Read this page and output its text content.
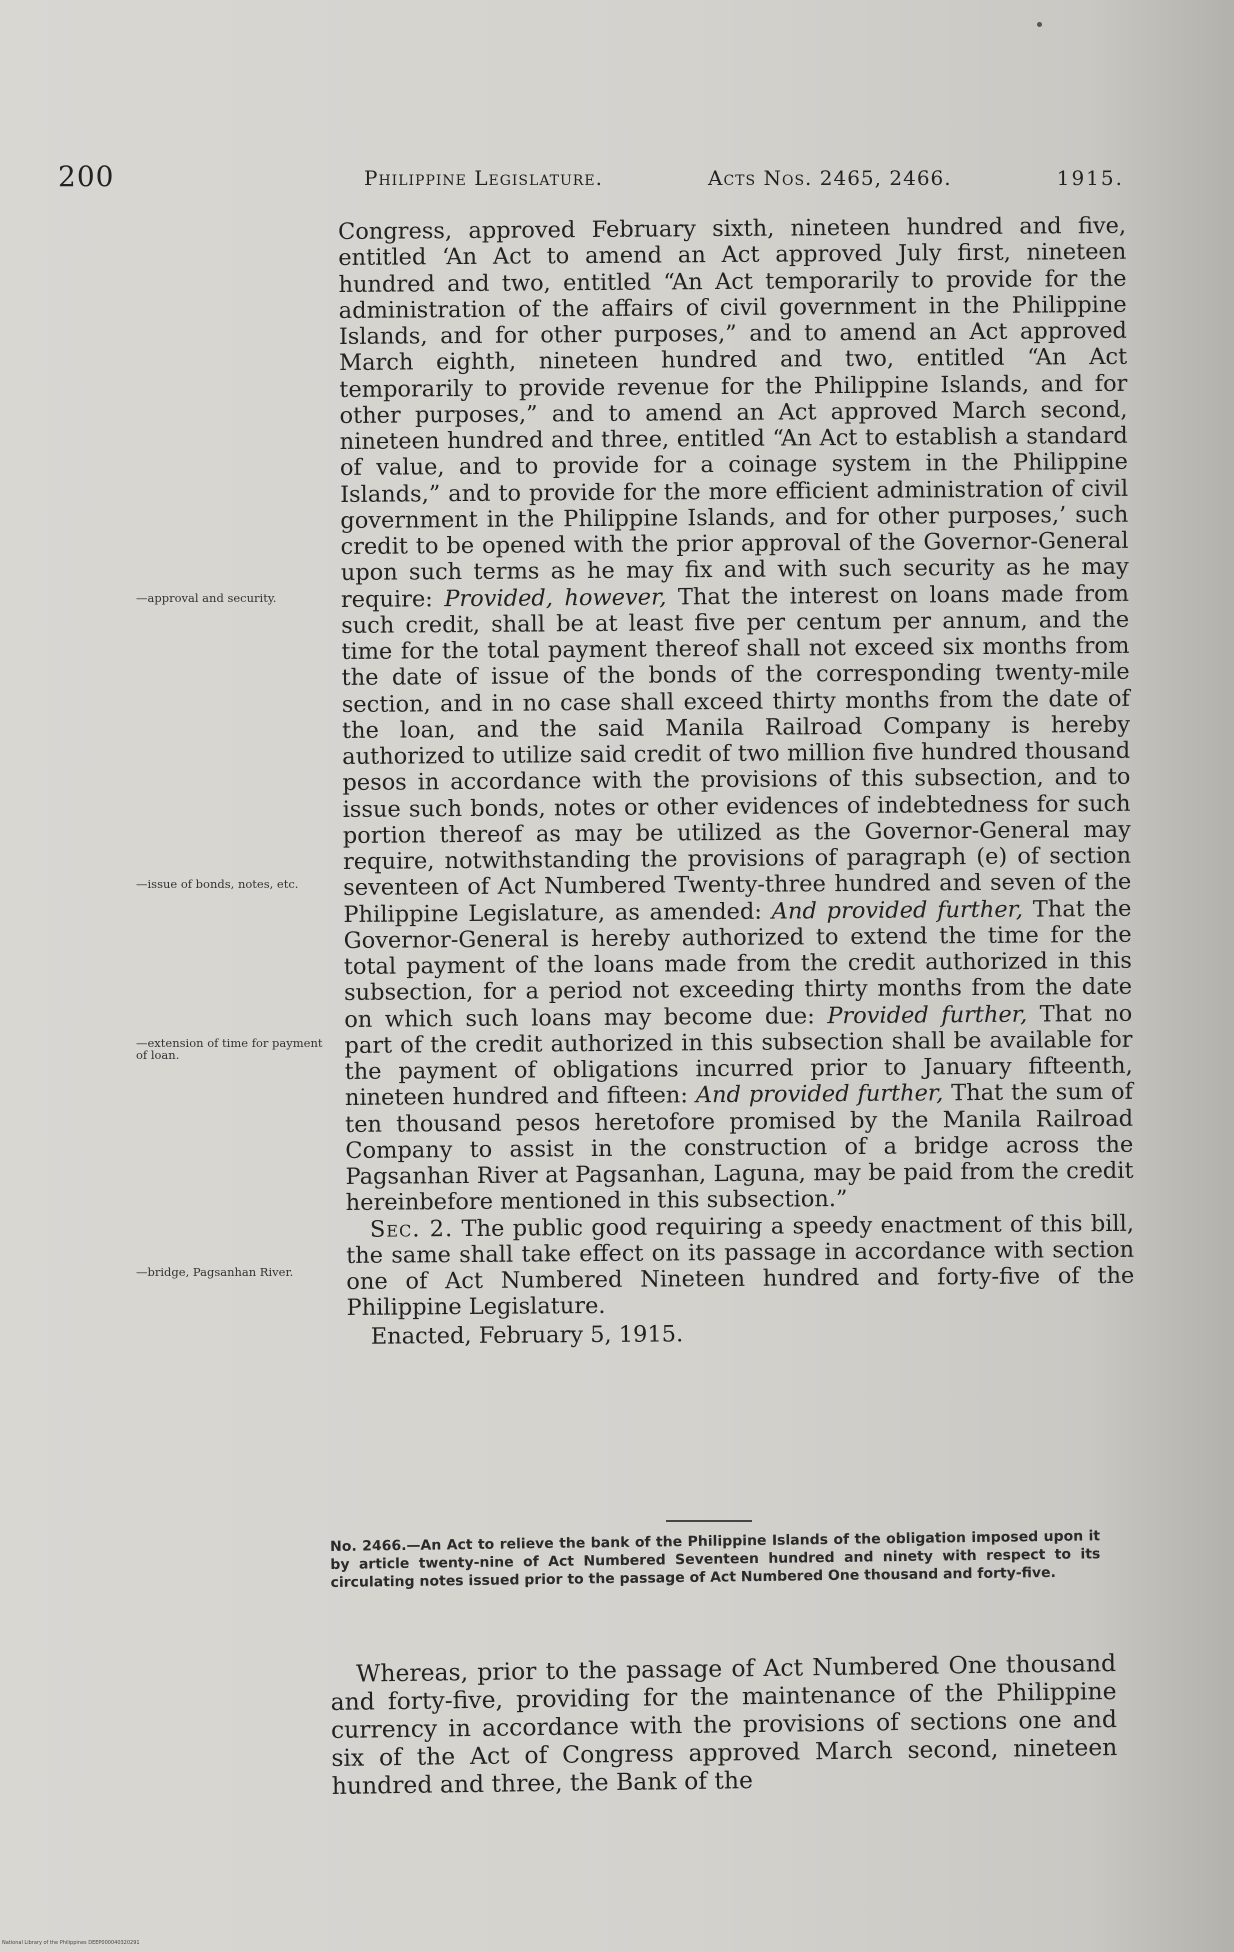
200	Philippine Legislature.	Acts Nos. 2465, 2466.	1915.
—approval and security.
—issue of bonds, notes, etc.
—extension of time for payment of loan.
—bridge, Pagsanhan River.

Congress, approved February sixth, nineteen hundred and five, entitled ‘An Act to amend an Act approved July first, nineteen hundred and two, entitled “An Act temporarily to provide for the administration of the affairs of civil government in the Philippine Islands, and for other purposes,” and to amend an Act approved March eighth, nineteen hundred and two, entitled “An Act temporarily to provide revenue for the Philippine Islands, and for other purposes,” and to amend an Act approved March second, nineteen hundred and three, entitled “An Act to establish a standard of value, and to provide for a coinage system in the Philippine Islands,” and to provide for the more efficient administration of civil government in the Philippine Islands, and for other purposes,’ such credit to be opened with the prior approval of the Governor-General upon such terms as he may fix and with such security as he may require: Provided, however, That the interest on loans made from such credit, shall be at least five per centum per annum, and the time for the total payment thereof shall not exceed six months from the date of issue of the bonds of the corresponding twenty-mile section, and in no case shall exceed thirty months from the date of the loan, and the said Manila Railroad Company is hereby authorized to utilize said credit of two million five hundred thousand pesos in accordance with the provisions of this subsection, and to issue such bonds, notes or other evidences of indebtedness for such portion thereof as may be utilized as the Governor-General may require, notwithstanding the provisions of paragraph (e) of section seventeen of Act Numbered Twenty-three hundred and seven of the Philippine Legislature, as amended: And provided further, That the Governor-General is hereby authorized to extend the time for the total payment of the loans made from the credit authorized in this subsection, for a period not exceeding thirty months from the date on which such loans may become due: Provided further, That no part of the credit authorized in this subsection shall be available for the payment of obligations incurred prior to January fifteenth, nineteen hundred and fifteen: And provided further, That the sum of ten thousand pesos heretofore promised by the Manila Railroad Company to assist in the construction of a bridge across the Pagsanhan River at Pagsanhan, Laguna, may be paid from the credit hereinbefore mentioned in this subsection.”

Sec. 2. The public good requiring a speedy enactment of this bill, the same shall take effect on its passage in accordance with section one of Act Numbered Nineteen hundred and forty-five of the Philippine Legislature.

Enacted, February 5, 1915.

No. 2466.—An Act to relieve the bank of the Philippine Islands of the obligation imposed upon it by article twenty-nine of Act Numbered Seventeen hundred and ninety with respect to its circulating notes issued prior to the passage of Act Numbered One thousand and forty-five.
Whereas, prior to the passage of Act Numbered One thousand and forty-five, providing for the maintenance of the Philippine currency in accordance with the provisions of sections one and six of the Act of Congress approved March second, nineteen hundred and three, the Bank of the
National Library of the Philippines DEEP000040320291
